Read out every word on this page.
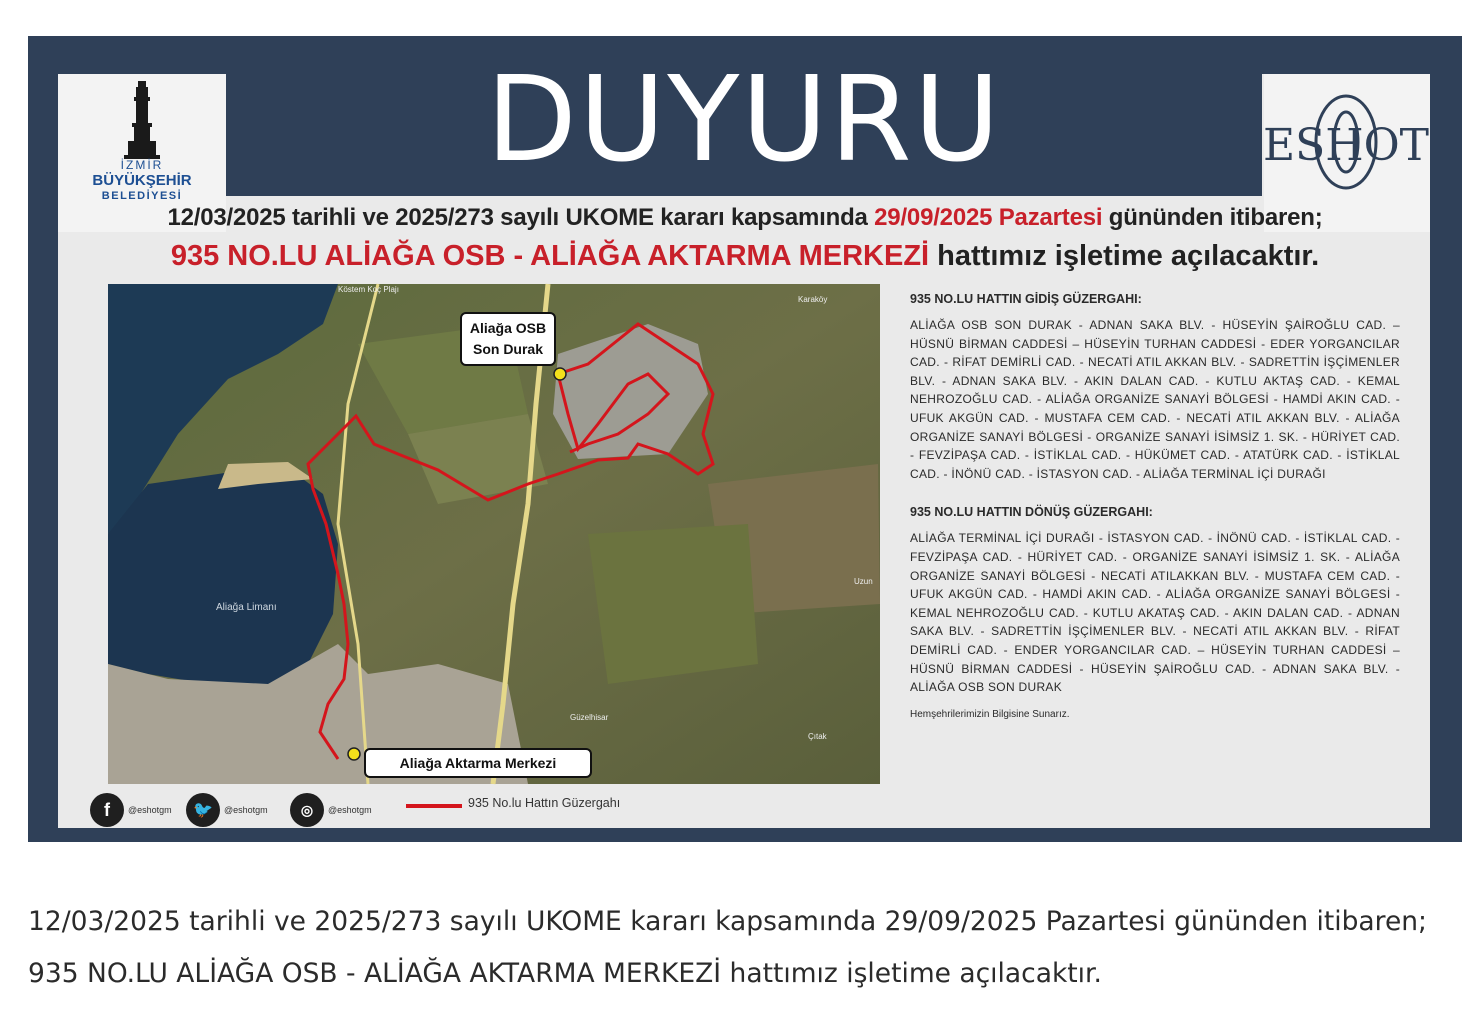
DUYURU
İZMİR
BÜYÜKŞEHİR
BELEDİYESİ
ESHOT
12/03/2025 tarihli ve 2025/273 sayılı UKOME kararı kapsamında 29/09/2025 Pazartesi gününden itibaren;
935 NO.LU ALİAĞA OSB - ALİAĞA AKTARMA MERKEZİ hattımız işletime açılacaktır.
Köstem Koç Plajı
Karaköy
Aliağa Limanı
Güzelhisar
Çıtak
Uzun
Aliağa OSB Son Durak
Aliağa Aktarma Merkezi
935 NO.LU HATTIN GİDİŞ GÜZERGAHI:
ALİAĞA OSB SON DURAK - ADNAN SAKA BLV. - HÜSEYİN ŞAİROĞLU CAD. – HÜSNÜ BİRMAN CADDESİ – HÜSEYİN TURHAN CADDESİ - EDER YORGANCILAR CAD. - RİFAT DEMİRLİ CAD. - NECATİ ATIL AKKAN BLV. - SADRETTİN İŞÇİMENLER BLV. - ADNAN SAKA BLV. - AKIN DALAN CAD. - KUTLU AKTAŞ CAD. - KEMAL NEHROZOĞLU CAD. - ALİAĞA ORGANİZE SANAYİ BÖLGESİ - HAMDİ AKIN CAD. - UFUK AKGÜN CAD. - MUSTAFA CEM CAD. - NECATİ ATIL AKKAN BLV. - ALİAĞA ORGANİZE SANAYİ BÖLGESİ - ORGANİZE SANAYİ İSİMSİZ 1. SK. - HÜRİYET CAD. - FEVZİPAŞA CAD. - İSTİKLAL CAD. - HÜKÜMET CAD. - ATATÜRK CAD. - İSTİKLAL CAD. - İNÖNÜ CAD. - İSTASYON CAD. - ALİAĞA TERMİNAL İÇİ DURAĞI
935 NO.LU HATTIN DÖNÜŞ GÜZERGAHI:
ALİAĞA TERMİNAL İÇİ DURAĞI - İSTASYON CAD. - İNÖNÜ CAD. - İSTİKLAL CAD. - FEVZİPAŞA CAD. - HÜRİYET CAD. - ORGANİZE SANAYİ İSİMSİZ 1. SK. - ALİAĞA ORGANİZE SANAYİ BÖLGESİ - NECATİ ATILAKKAN BLV. - MUSTAFA CEM CAD. - UFUK AKGÜN CAD. - HAMDİ AKIN CAD. - ALİAĞA ORGANİZE SANAYİ BÖLGESİ - KEMAL NEHROZOĞLU CAD. - KUTLU AKATAŞ CAD. - AKIN DALAN CAD. - ADNAN SAKA BLV. - SADRETTİN İŞÇİMENLER BLV. - NECATİ ATIL AKKAN BLV. - RİFAT DEMİRLİ CAD. - ENDER YORGANCILAR CAD. – HÜSEYİN TURHAN CADDESİ – HÜSNÜ BİRMAN CADDESİ - HÜSEYİN ŞAİROĞLU CAD. - ADNAN SAKA BLV. - ALİAĞA OSB SON DURAK
Hemşehrilerimizin Bilgisine Sunarız.
f	@eshotgm	🐦	@eshotgm	◎	@eshotgm	935 No.lu Hattın Güzergahı
12/03/2025 tarihli ve 2025/273 sayılı UKOME kararı kapsamında 29/09/2025 Pazartesi gününden itibaren; 935 NO.LU ALİAĞA OSB - ALİAĞA AKTARMA MERKEZİ hattımız işletime açılacaktır.
